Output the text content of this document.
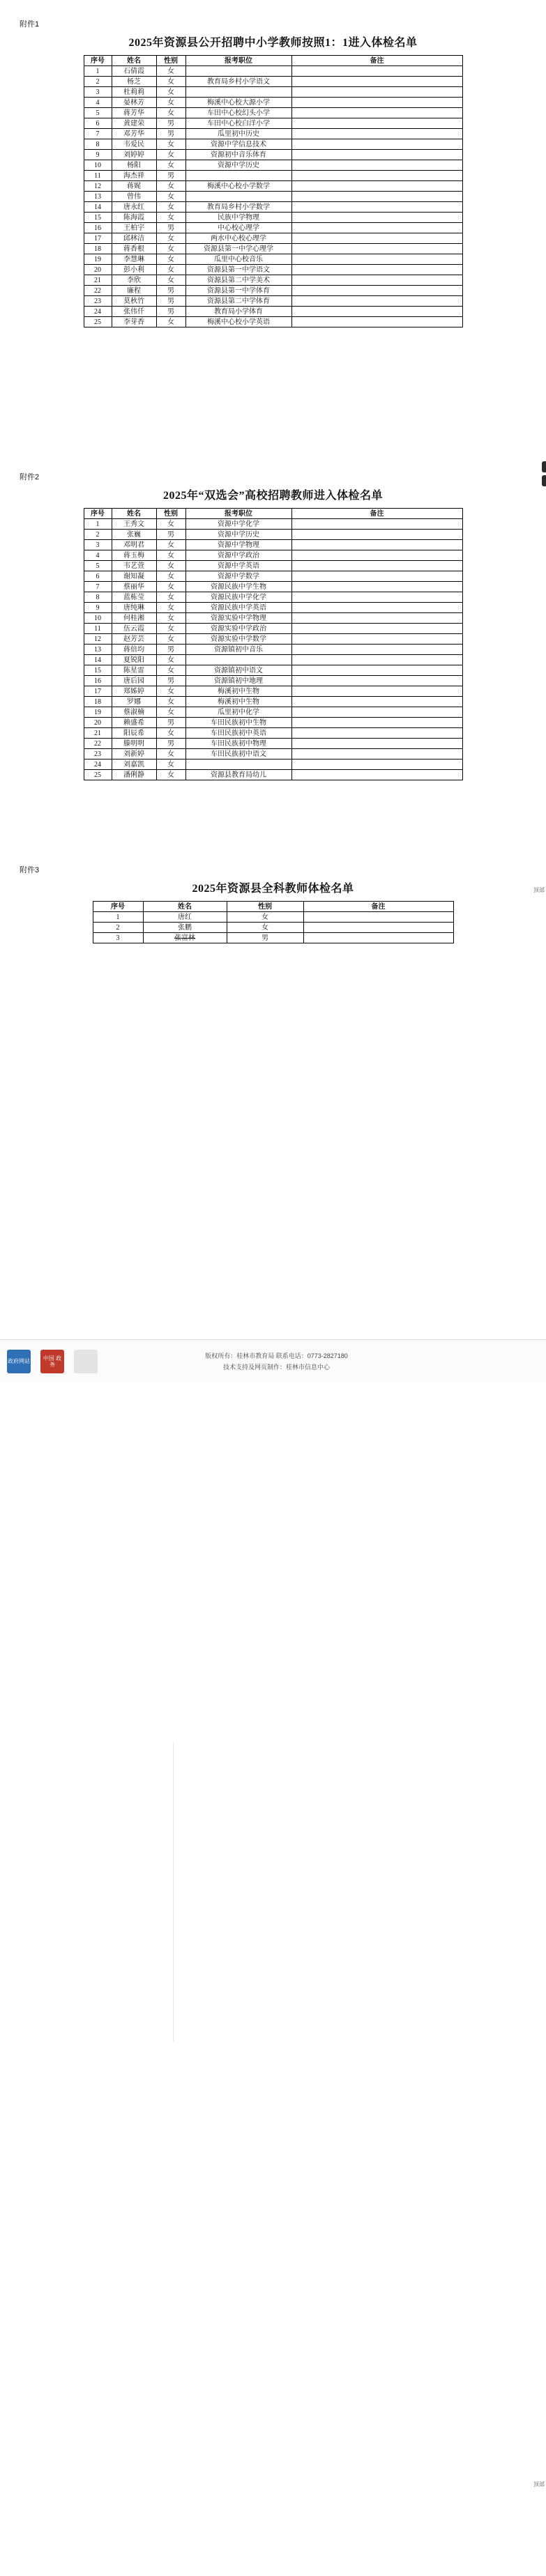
顶部
附件1
2025年资源县公开招聘中小学教师按照1：1进入体检名单
序号	姓名	性别	报考职位	备注
1	石倩霞	女		
2	杨芝	女	教育局乡村小学语文	
3	杜莉莉	女		
4	晏林芳	女	梅溪中心校大源小学	
5	蒋芳华	女	车田中心校幻头小学	
6	黄建荣	男	车田中心校白洋小学	
7	邓芳华	男	瓜里初中历史	
8	韦爱民	女	资源中学信息技术	
9	刘婷婷	女	资源初中音乐体育	
10	杨阳	女	资源中学历史	
11	海杰祥	男		
12	蒋娓	女	梅溪中心校小学数学	
13	曾伟	女		
14	唐永红	女	教育局乡村小学数学	
15	陈海霞	女	民族中学物理	
16	王柏宇	男	中心校心理学	
17	邱林洁	女	两水中心校心理学	
18	蒋香根	女	资源县第一中学心理学	
19	李慧琳	女	瓜里中心校音乐	
20	彭小利	女	资源县第一中学语文	
21	李欣	女	资源县第二中学美术	
22	廉程	男	资源县第一中学体育	
23	莫秋竹	男	资源县第二中学体育	
24	张伟仟	男	教育局小学体育	
25	李芽香	女	梅溪中心校小学英语	
附件2
2025年“双选会”高校招聘教师进入体检名单
序号	姓名	性别	报考职位	备注
1	王秀文	女	资源中学化学	
2	张巍	男	资源中学历史	
3	邓明君	女	资源中学物理	
4	蒋玉梅	女	资源中学政治	
5	韦艺萱	女	资源中学英语	
6	谢知凝	女	资源中学数学	
7	蔡丽华	女	资源民族中学生物	
8	蓝栋莹	女	资源民族中学化学	
9	唐纯琳	女	资源民族中学英语	
10	何桂湘	女	资源实验中学物理	
11	伍云霞	女	资源实验中学政治	
12	赵芳芸	女	资源实验中学数学	
13	蒋倍均	男	资源镇初中音乐	
14	夏锐阳	女		
15	陈星雷	女	资源镇初中语文	
16	唐后园	男	资源镇初中地理	
17	郑姊婷	女	梅溪初中生物	
18	罗娜	女	梅溪初中生物	
19	蔡淑楠	女	瓜里初中化学	
20	赖盛希	男	车田民族初中生物	
21	阳辰希	女	车田民族初中英语	
22	滕明明	男	车田民族初中物理	
23	刘新婷	女	车田民族初中语文	
24	刘嘉凯	女		
25	潘俐静	女	资源县教育局幼儿	
附件3
2025年资源县全科教师体检名单
序号	姓名	性别	备注
1	唐红	女	
2	张鹏	女	
3	张富林	男	
顶部
政府网站	中国 政务
版权所有：桂林市教育局 联系电话：0773-2827180
技术支持及网页制作：桂林市信息中心
